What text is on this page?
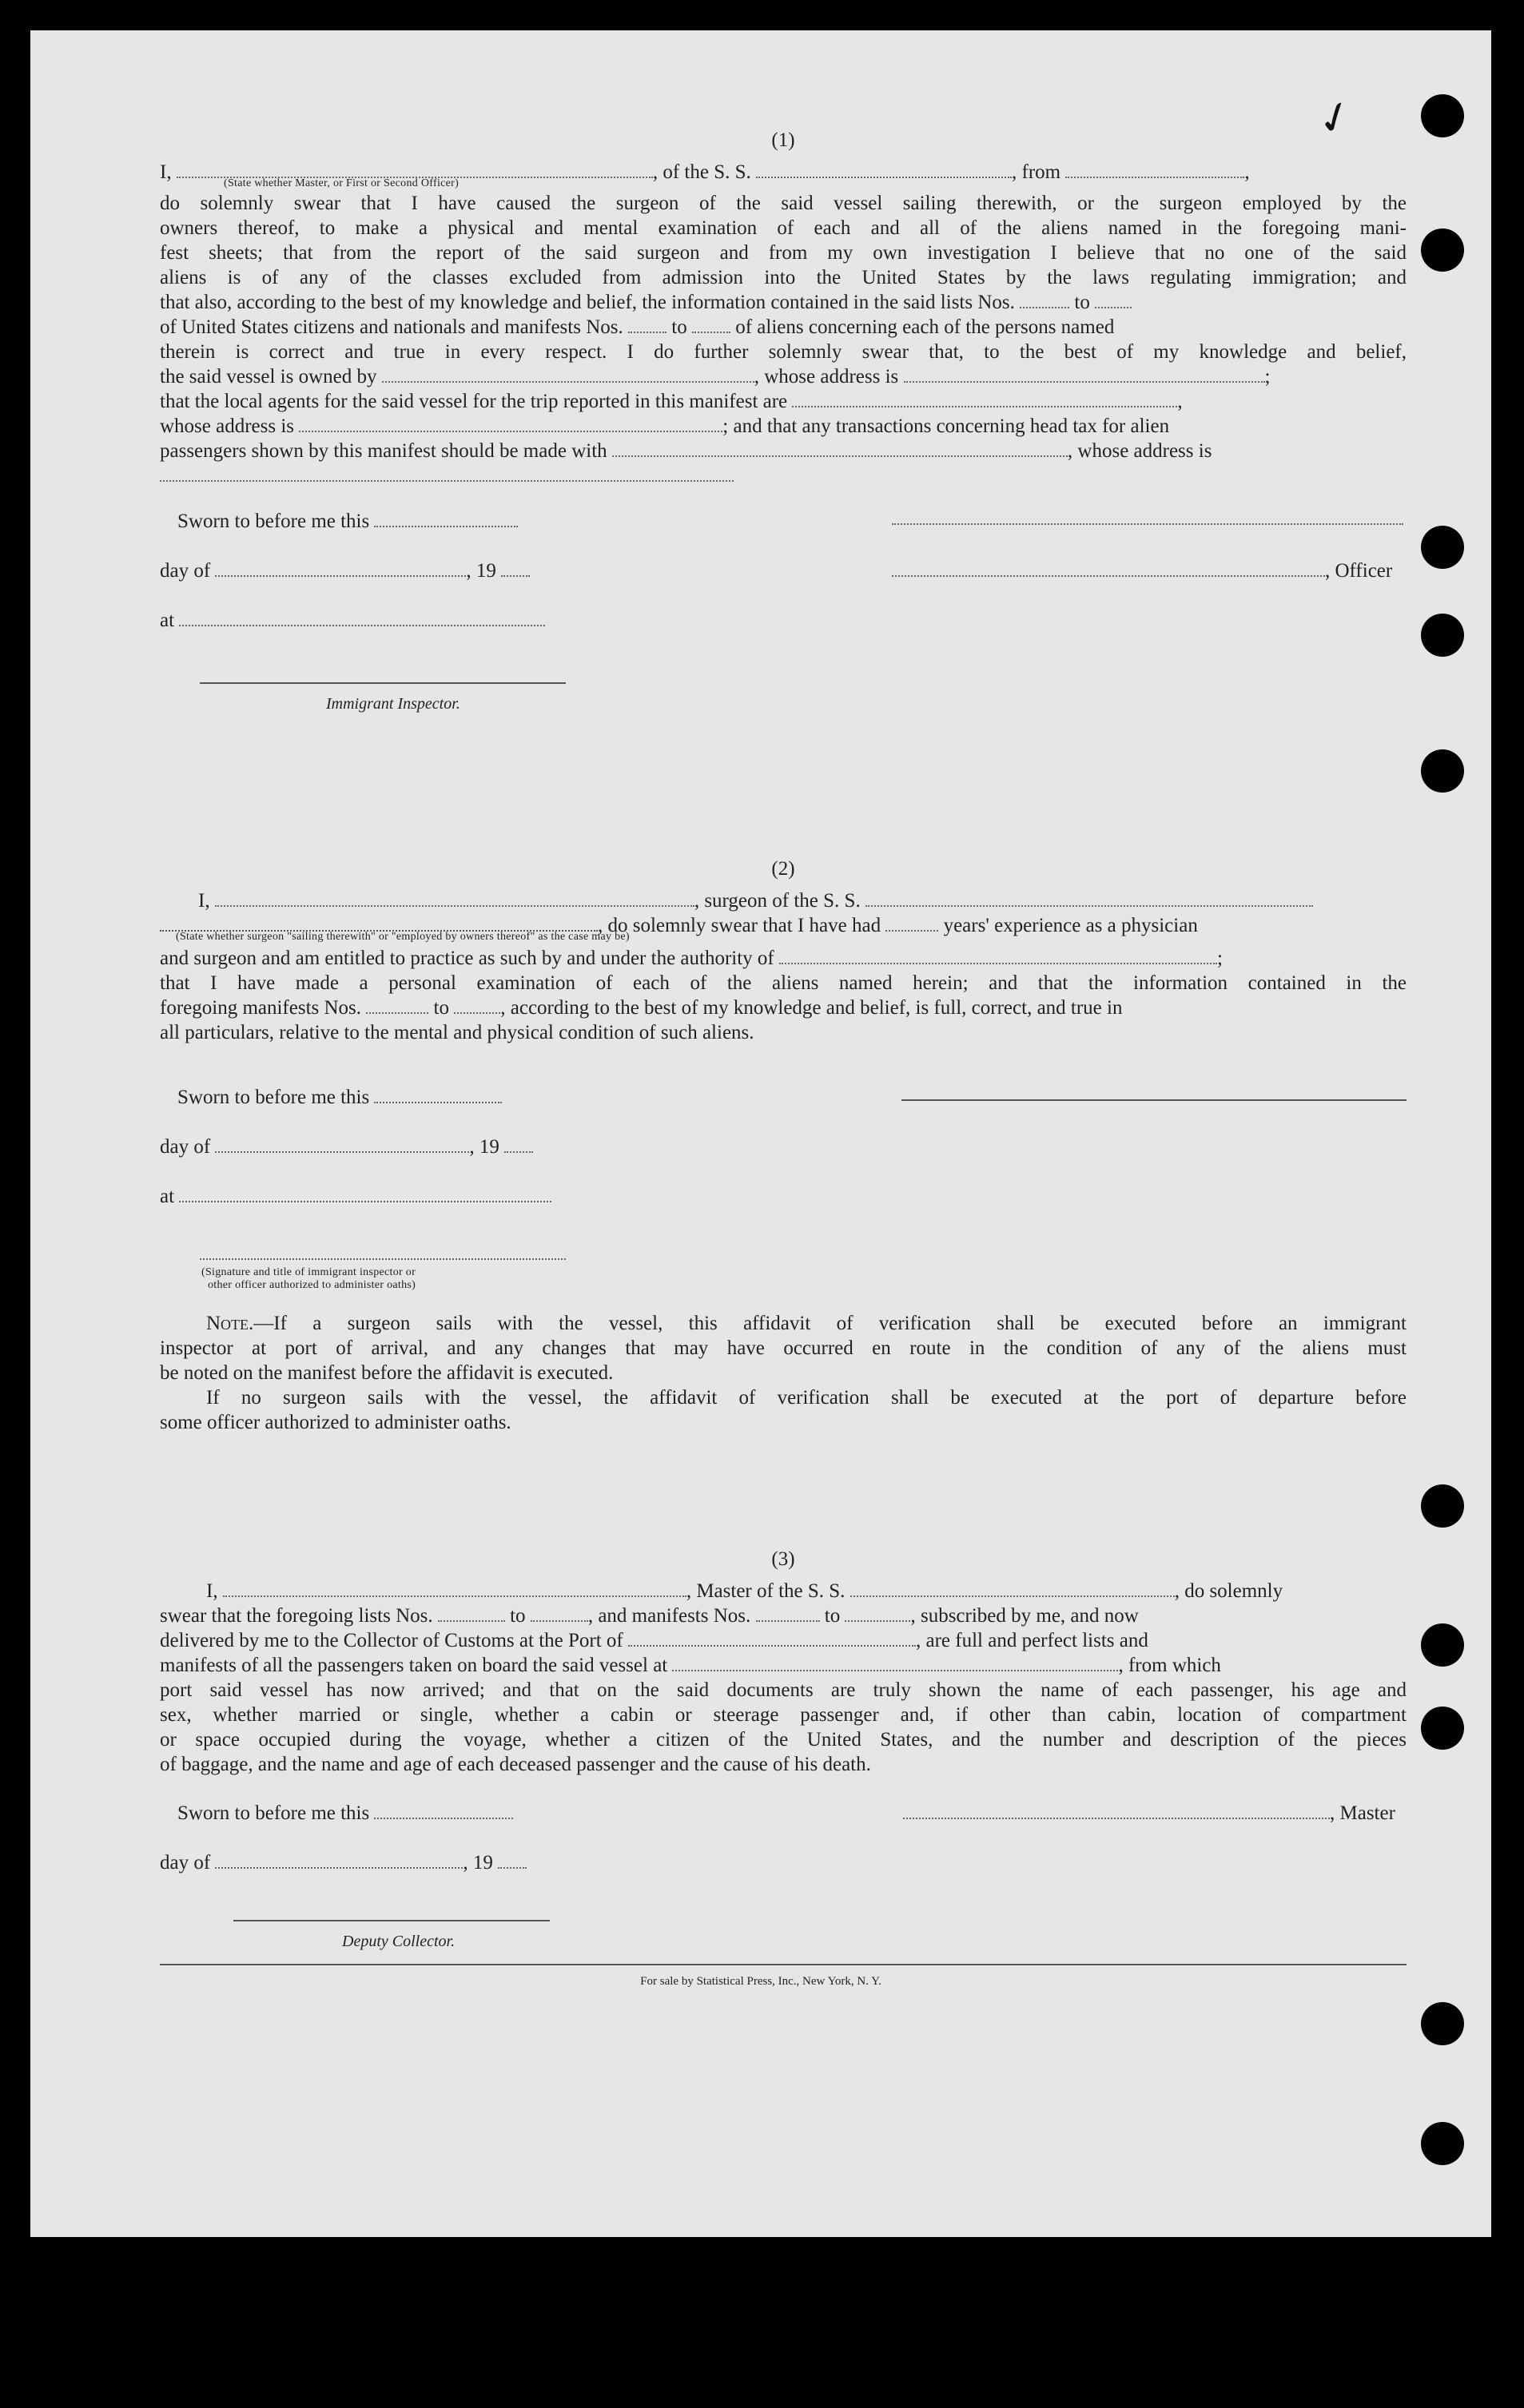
✓
(1)
I,	, of the S. S.	, from	,
(State whether Master, or First or Second Officer)
do solemnly swear that I have caused the surgeon of the said vessel sailing therewith, or the surgeon employed by the
owners thereof, to make a physical and mental examination of each and all of the aliens named in the foregoing mani-
fest sheets; that from the report of the said surgeon and from my own investigation I believe that no one of the said
aliens is of any of the classes excluded from admission into the United States by the laws regulating immigration; and
that also, according to the best of my knowledge and belief, the information contained in the said lists Nos.	to
of United States citizens and nationals and manifests Nos. to of aliens concerning each of the persons named
therein is correct and true in every respect. I do further solemnly swear that, to the best of my knowledge and belief,
the said vessel is owned by	, whose address is	;
that the local agents for the said vessel for the trip reported in this manifest are	,
whose address is	; and that any transactions concerning head tax for alien
passengers shown by this manifest should be made with	, whose address is
Sworn to before me this
day of	, 19	, Officer
at
Immigrant Inspector.
(2)
I,	, surgeon of the S. S.
, do solemnly swear that I have had	years' experience as a physician
(State whether surgeon "sailing therewith" or "employed by owners thereof" as the case may be)
and surgeon and am entitled to practice as such by and under the authority of	;
that I have made a personal examination of each of the aliens named herein; and that the information contained in the
foregoing manifests Nos.	to	, according to the best of my knowledge and belief, is full, correct, and true in
all particulars, relative to the mental and physical condition of such aliens.
Sworn to before me this
day of	, 19
at
(Signature and title of immigrant inspector or
other officer authorized to administer oaths)
Note.—If a surgeon sails with the vessel, this affidavit of verification shall be executed before an immigrant
inspector at port of arrival, and any changes that may have occurred en route in the condition of any of the aliens must
be noted on the manifest before the affidavit is executed.
If no surgeon sails with the vessel, the affidavit of verification shall be executed at the port of departure before
some officer authorized to administer oaths.
(3)
I,	, Master of the S. S.	, do solemnly
swear that the foregoing lists Nos.	to	, and manifests Nos.	to	, subscribed by me, and now
delivered by me to the Collector of Customs at the Port of	, are full and perfect lists and
manifests of all the passengers taken on board the said vessel at	, from which
port said vessel has now arrived; and that on the said documents are truly shown the name of each passenger, his age and
sex, whether married or single, whether a cabin or steerage passenger and, if other than cabin, location of compartment
or space occupied during the voyage, whether a citizen of the United States, and the number and description of the pieces
of baggage, and the name and age of each deceased passenger and the cause of his death.
Sworn to before me this	, Master
day of	, 19
Deputy Collector.
For sale by Statistical Press, Inc., New York, N. Y.
